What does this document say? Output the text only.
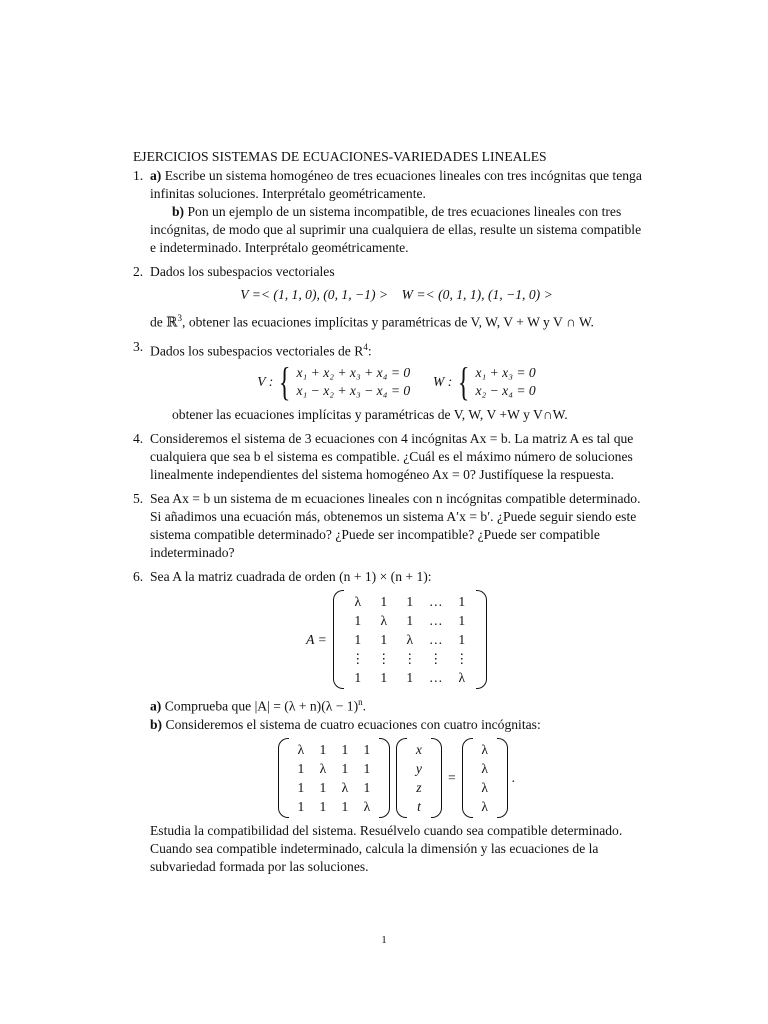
EJERCICIOS SISTEMAS DE ECUACIONES-VARIEDADES LINEALES
1. a) Escribe un sistema homogéneo de tres ecuaciones lineales con tres incógnitas que tenga infinitas soluciones. Interprétalo geométricamente.

b) Pon un ejemplo de un sistema incompatible, de tres ecuaciones lineales con tres incógnitas, de modo que al suprimir una cualquiera de ellas, resulte un sistema compatible e indeterminado. Interprétalo geométricamente.

2. Dados los subespacios vectoriales

V =< (1, 1, 0), (0, 1, −1) > W =< (0, 1, 1), (1, −1, 0) >

de ℝ$^3$, obtener las ecuaciones implícitas y paramétricas de V, W, V + W y V ∩ W.

3. Dados los subespacios vectoriales de $R^4$:

V : { x₁ + x₂ + x₃ + x₄ = 0
x₁ − x₂ + x₃ − x₄ = 0

W : { x₁ + x₃ = 0
x₂ − x₄ = 0

obtener las ecuaciones implícitas y paramétricas de V, W, V +W y V∩W.

4. Consideremos el sistema de 3 ecuaciones con 4 incógnitas Ax = b. La matriz A es tal que cualquiera que sea b el sistema es compatible. ¿Cuál es el máximo número de soluciones linealmente independientes del sistema homogéneo Ax = 0? Justifíquese la respuesta.

5. Sea Ax = b un sistema de m ecuaciones lineales con n incógnitas compatible determinado. Si añadimos una ecuación más, obtenemos un sistema A′x = b′. ¿Puede seguir siendo este sistema compatible determinado? ¿Puede ser incompatible? ¿Puede ser compatible indeterminado?

6. Sea A la matriz cuadrada de orden (n + 1) × (n + 1):

A =
λ	1	1	…	1
1	λ	1	…	1
1	1	λ	…	1
⋮ ⋮ ⋮ ⋮ ⋮
1	1	1	…	λ

a) Comprueba que $|A| = (\lambda + n)(\lambda - 1)^n$.

b) Consideremos el sistema de cuatro ecuaciones con cuatro incógnitas:

λ	1	1	1
1	λ	1	1
1	1	λ	1
1	1	1	λ
x
y
z
t
=
λ
λ
λ
λ
.

Estudia la compatibilidad del sistema. Resuélvelo cuando sea compatible determinado. Cuando sea compatible indeterminado, calcula la dimensión y las ecuaciones de la subvariedad formada por las soluciones.

1
